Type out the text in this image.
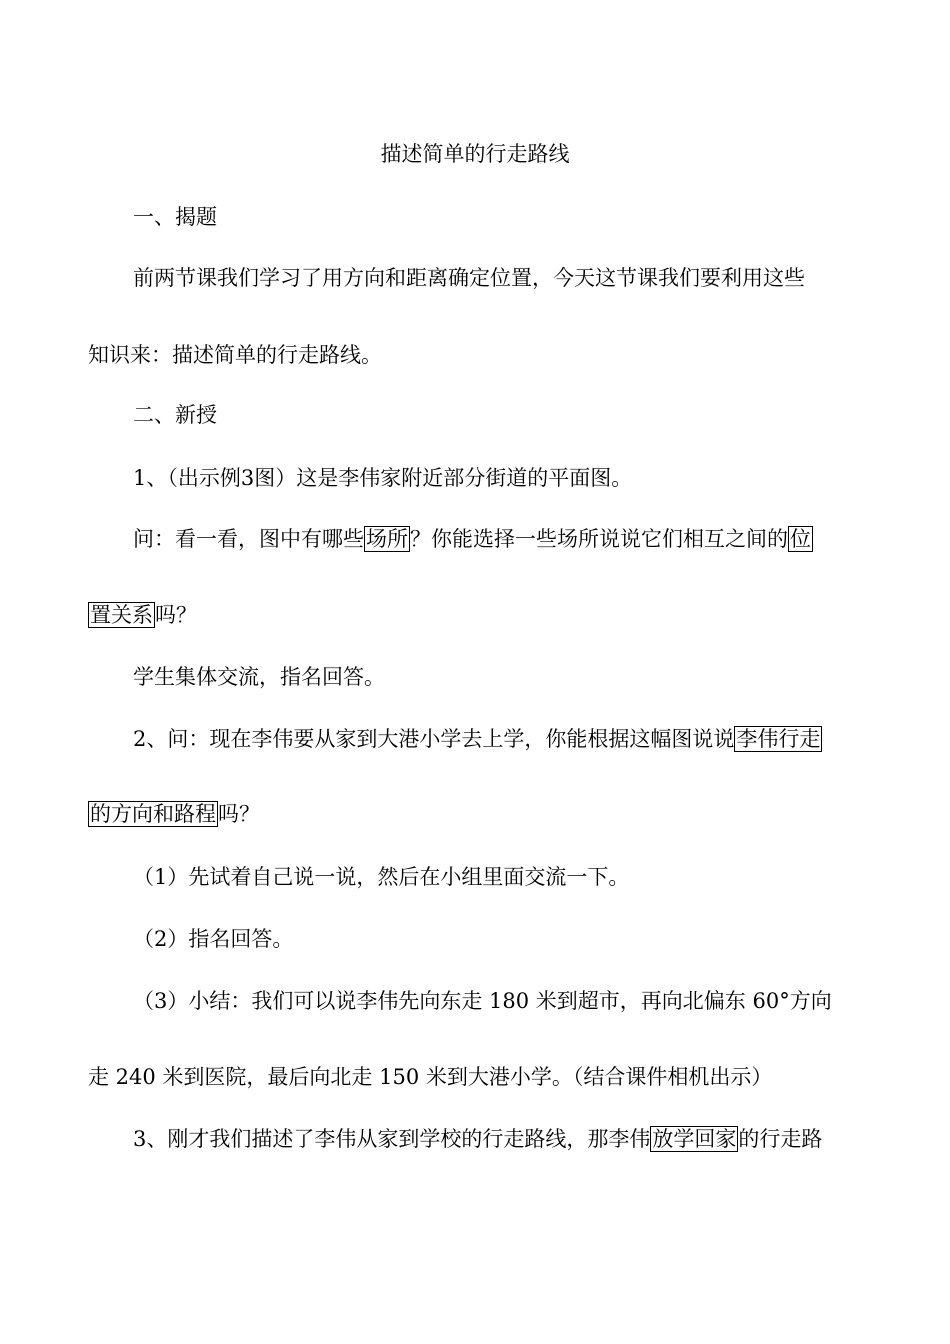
描述简单的行走路线
一、揭题
前两节课我们学习了用方向和距离确定位置，今天这节课我们要利用这些
知识来：描述简单的行走路线。
二、新授
1、（出示例3图）这是李伟家附近部分街道的平面图。
问：看一看，图中有哪些场所？你能选择一些场所说说它们相互之间的位
置关系吗？
学生集体交流，指名回答。
2、问：现在李伟要从家到大港小学去上学，你能根据这幅图说说李伟行走
的方向和路程吗？
（1）先试着自己说一说，然后在小组里面交流一下。
（2）指名回答。
（3）小结：我们可以说李伟先向东走 180 米到超市，再向北偏东 60°方向
走 240 米到医院，最后向北走 150 米到大港小学。（结合课件相机出示）
3、刚才我们描述了李伟从家到学校的行走路线，那李伟放学回家的行走路
